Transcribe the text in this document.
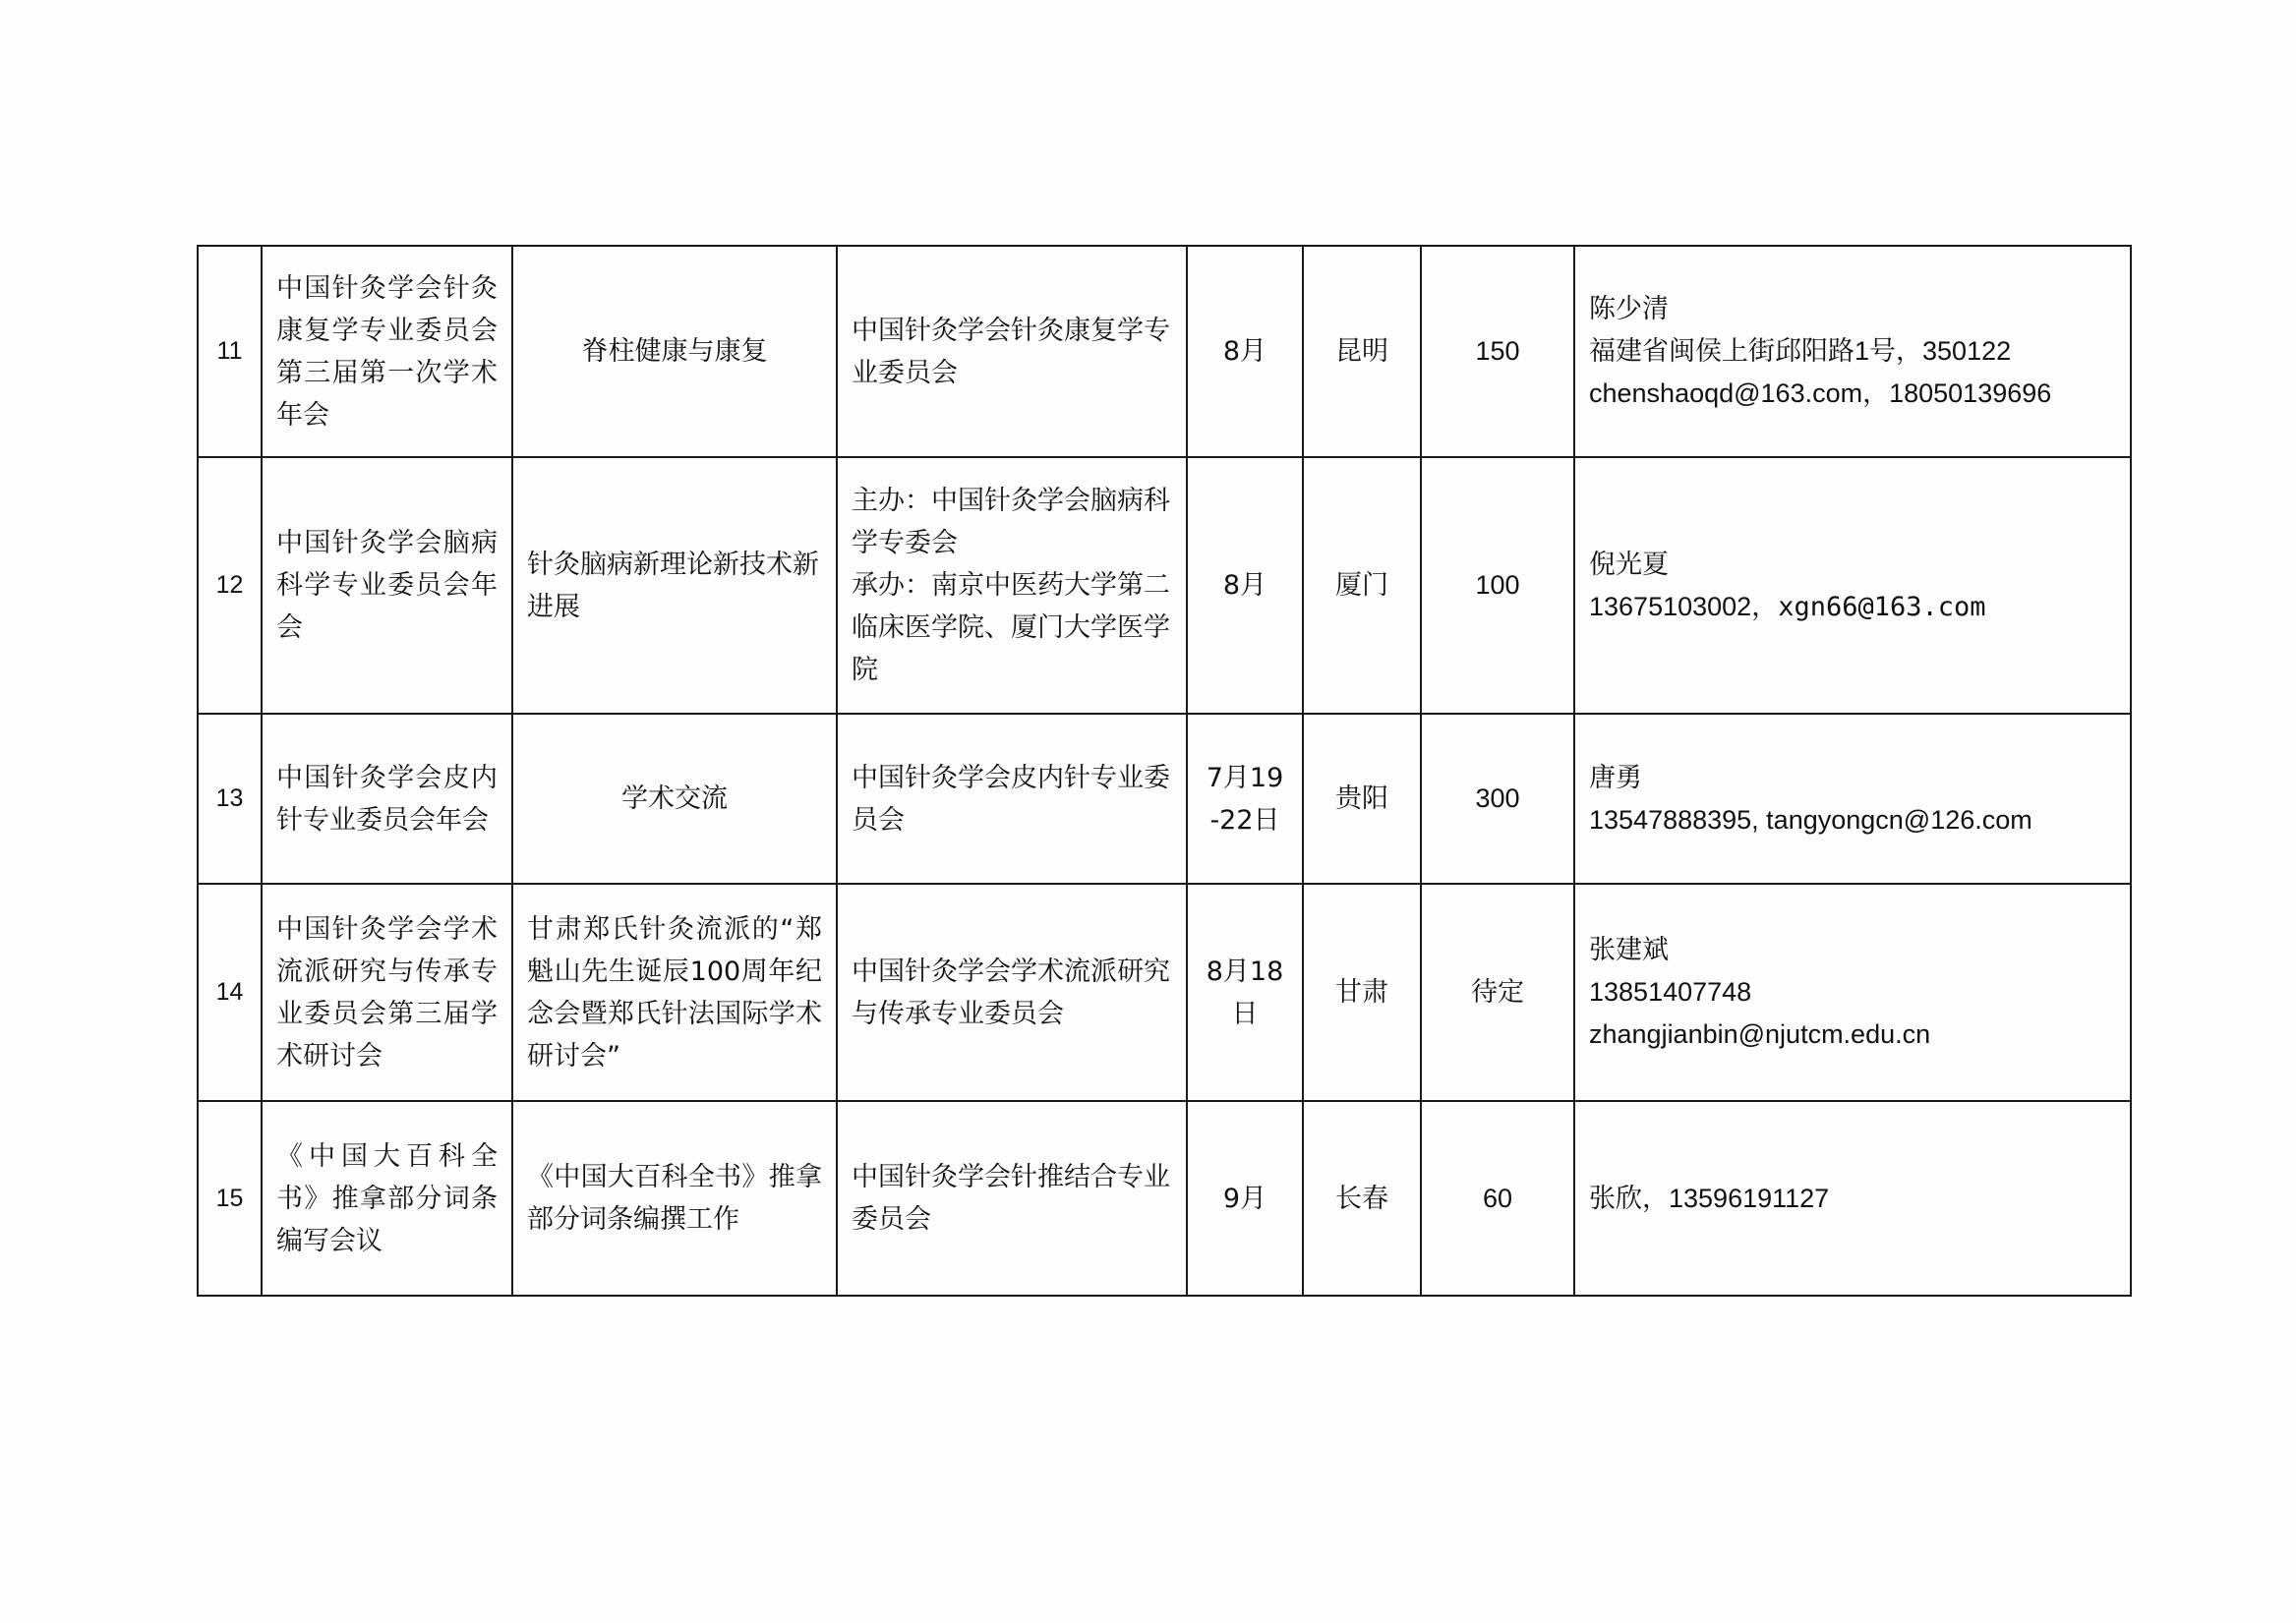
11	中国针灸学会针灸康复学专业委员会第三届第一次学术年会	脊柱健康与康复	中国针灸学会针灸康复学专业委员会	8月	昆明	150	陈少清
福建省闽侯上街邱阳路1号，350122
chenshaoqd@163.com，18050139696

12	中国针灸学会脑病科学专业委员会年会	针灸脑病新理论新技术新进展	主办：中国针灸学会脑病科学专委会
承办：南京中医药大学第二临床医学院、厦门大学医学院	8月	厦门	100	倪光夏
13675103002，xgn66@163.com
13	中国针灸学会皮内针专业委员会年会	学术交流	中国针灸学会皮内针专业委员会	7月19-22日	贵阳	300	唐勇
13547888395, tangyongcn@126.com

14	中国针灸学会学术流派研究与传承专业委员会第三届学术研讨会	甘肃郑氏针灸流派的“郑魁山先生诞辰100周年纪念会暨郑氏针法国际学术研讨会”	中国针灸学会学术流派研究与传承专业委员会	8月18日	甘肃	待定	张建斌
13851407748
zhangjianbin@njutcm.edu.cn

15	《中国大百科全书》推拿部分词条编写会议	《中国大百科全书》推拿部分词条编撰工作	中国针灸学会针推结合专业委员会	9月	长春	60	张欣，13596191127
